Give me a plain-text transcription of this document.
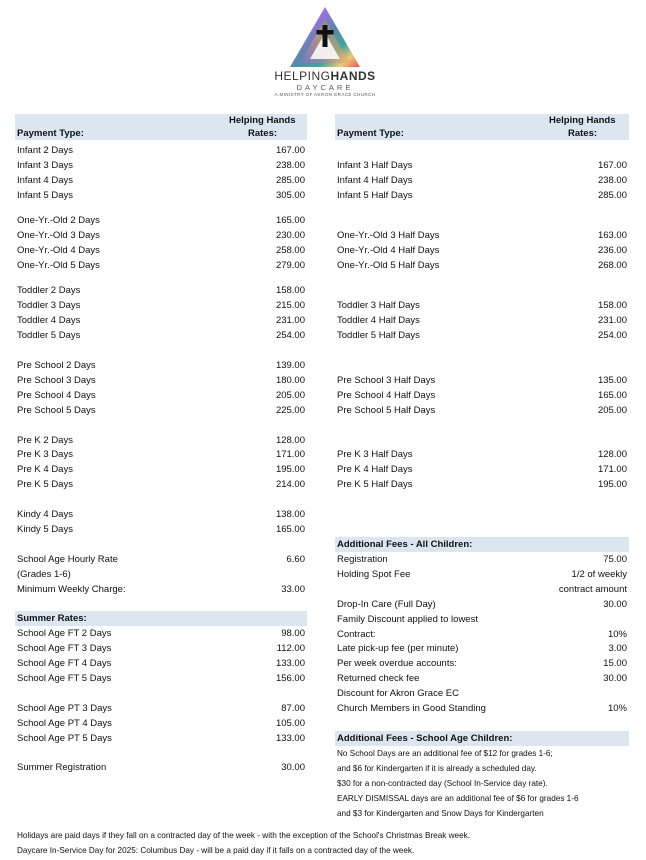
HELPINGHANDS
DAYCARE
A MINISTRY OF AKRON GRACE CHURCH
Helping Hands
Rates:
Payment Type:
Helping Hands
Rates:
Payment Type:
Infant 2 Days	167.00
Infant 3 Days	238.00
Infant 4 Days	285.00
Infant 5 Days	305.00
One-Yr.-Old 2 Days	165.00
One-Yr.-Old 3 Days	230.00
One-Yr.-Old 4 Days	258.00
One-Yr.-Old 5 Days	279.00
Toddler 2 Days	158.00
Toddler 3 Days	215.00
Toddler 4 Days	231.00
Toddler 5 Days	254.00
Pre School 2 Days	139.00
Pre School 3 Days	180.00
Pre School 4 Days	205.00
Pre School 5 Days	225.00
Pre K 2 Days	128.00
Pre K 3 Days	171.00
Pre K 4 Days	195.00
Pre K 5 Days	214.00
Kindy 4 Days	138.00
Kindy 5 Days	165.00
School Age Hourly Rate	6.60
(Grades 1-6)
Minimum Weekly Charge:	33.00
Summer Rates:
School Age FT 2 Days	98.00
School Age FT 3 Days	112.00
School Age FT 4 Days	133.00
School Age FT 5 Days	156.00
School Age PT 3 Days	87.00
School Age PT 4 Days	105.00
School Age PT 5 Days	133.00
Summer Registration	30.00
Infant 3 Half Days	167.00
Infant 4 Half Days	238.00
Infant 5 Half Days	285.00
One-Yr.-Old 3 Half Days	163.00
One-Yr.-Old 4 Half Days	236.00
One-Yr.-Old 5 Half Days	268.00
Toddler 3 Half Days	158.00
Toddler 4 Half Days	231.00
Toddler 5 Half Days	254.00
Pre School 3 Half Days	135.00
Pre School 4 Half Days	165.00
Pre School 5 Half Days	205.00
Pre K 3 Half Days	128.00
Pre K 4 Half Days	171.00
Pre K 5 Half Days	195.00
Additional Fees - All Children:
Registration	75.00
Holding Spot Fee	1/2 of weekly
contract amount
Drop-In Care (Full Day)	30.00
Family Discount applied to lowest
Contract:	10%
Late pick-up fee (per minute)	3.00
Per week overdue accounts:	15.00
Returned check fee	30.00
Discount for Akron Grace EC
Church Members in Good Standing	10%
Additional Fees - School Age Children:
No School Days are an additional fee of $12 for grades 1-6;
and $6 for Kindergarten if it is already a scheduled day.
$30 for a non-contracted day (School In-Service day rate).
EARLY DISMISSAL days are an additional fee of $6 for grades 1-6
and $3 for Kindergarten and Snow Days for Kindergarten
Holidays are paid days if they fall on a contracted day of the week - with the exception of the School's Christmas Break week.
Daycare In-Service Day for 2025: Columbus Day - will be a paid day if it falls on a contracted day of the week.
